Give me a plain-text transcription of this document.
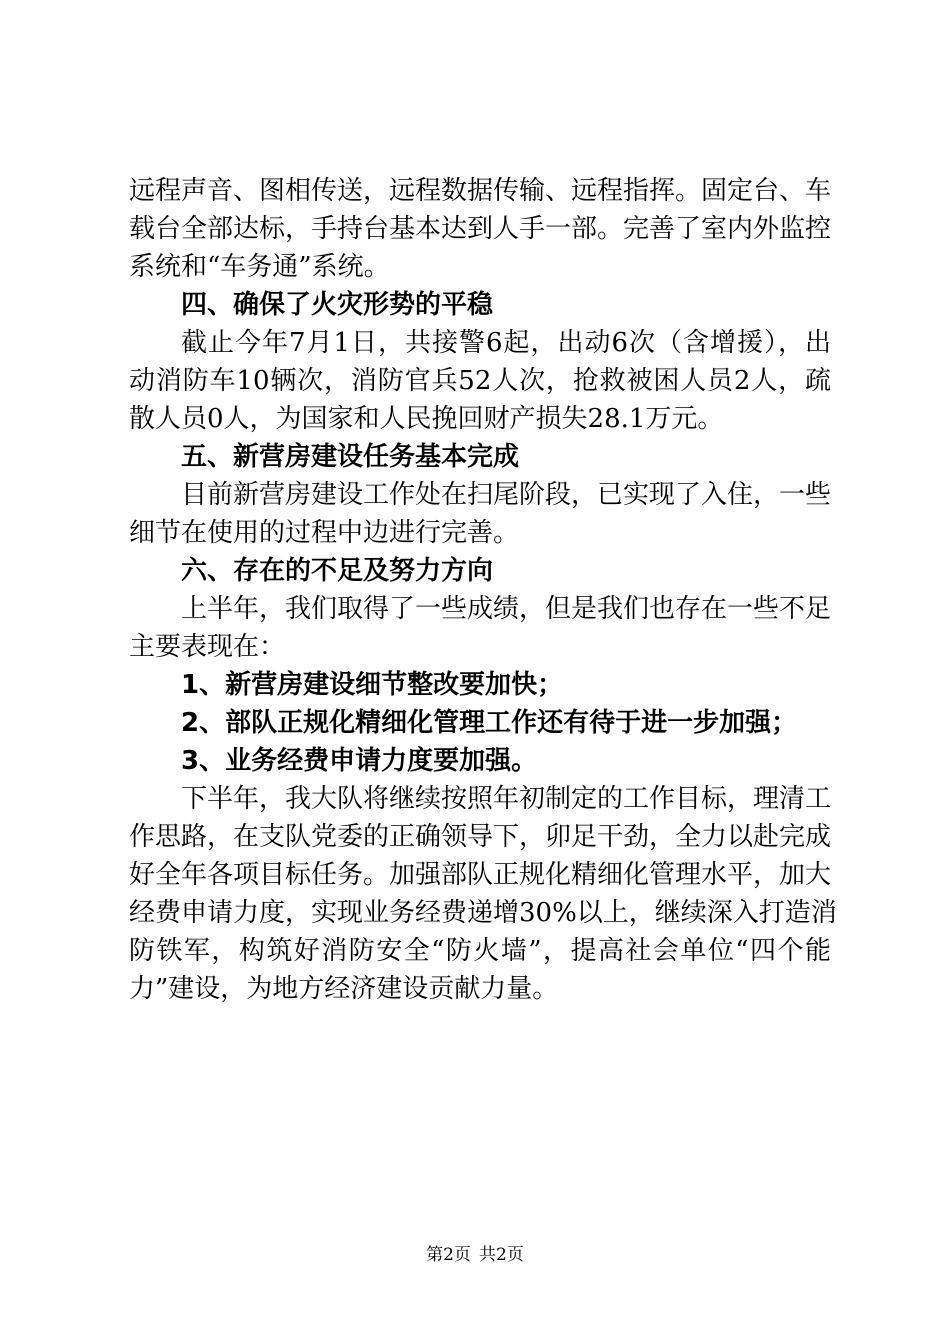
远程声音、图相传送，远程数据传输、远程指挥。固定台、车
载台全部达标，手持台基本达到人手一部。完善了室内外监控
系统和“车务通”系统。
四、确保了火灾形势的平稳
截止今年7月1日，共接警6起，出动6次（含增援），出
动消防车10辆次，消防官兵52人次，抢救被困人员2人，疏
散人员0人，为国家和人民挽回财产损失28.1万元。
五、新营房建设任务基本完成
目前新营房建设工作处在扫尾阶段，已实现了入住，一些
细节在使用的过程中边进行完善。
六、存在的不足及努力方向
上半年，我们取得了一些成绩，但是我们也存在一些不足
主要表现在：
1、新营房建设细节整改要加快；
2、部队正规化精细化管理工作还有待于进一步加强；
3、业务经费申请力度要加强。
下半年，我大队将继续按照年初制定的工作目标，理清工
作思路，在支队党委的正确领导下，卯足干劲，全力以赴完成
好全年各项目标任务。加强部队正规化精细化管理水平，加大
经费申请力度，实现业务经费递增30%以上，继续深入打造消
防铁军，构筑好消防安全“防火墙”，提高社会单位“四个能
力”建设，为地方经济建设贡献力量。
第2页 共2页
